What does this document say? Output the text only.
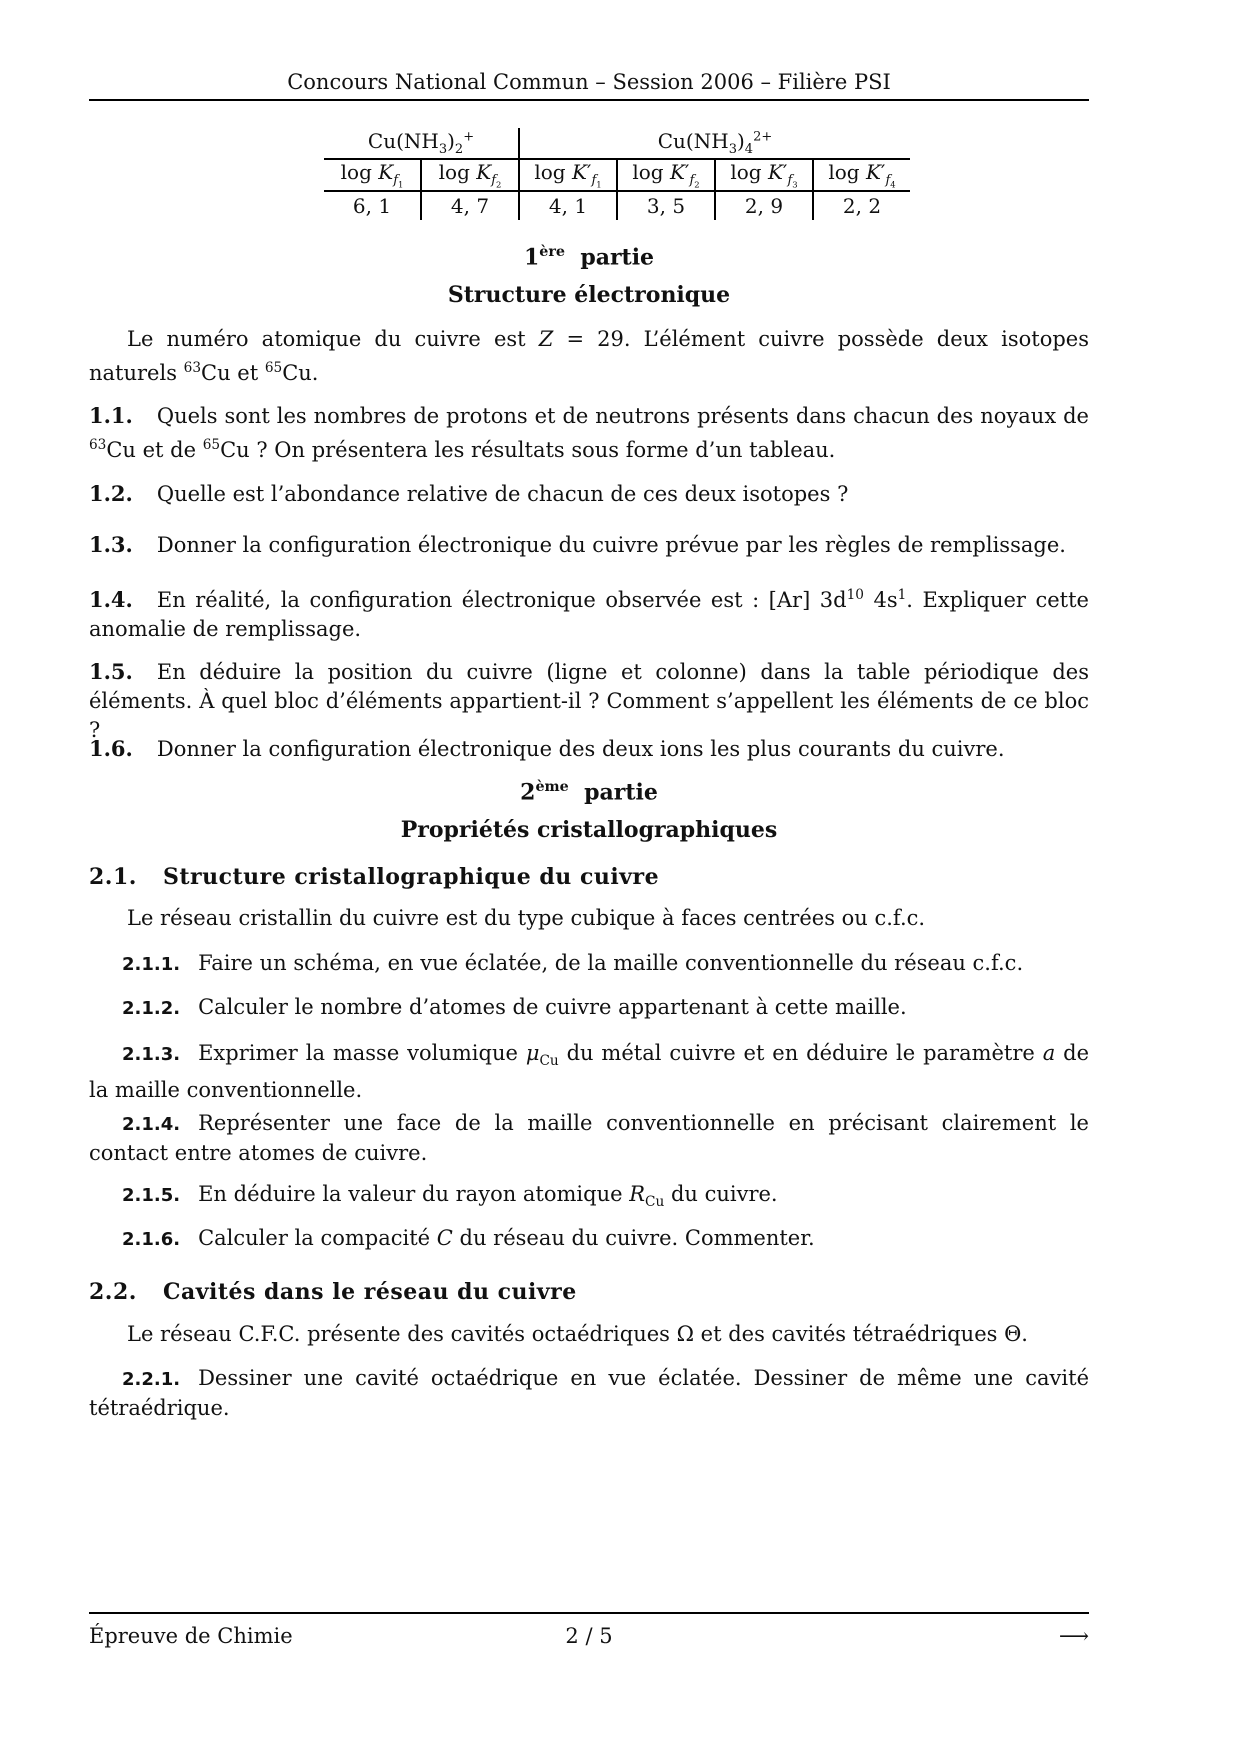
Concours National Commun – Session 2006 – Filière PSI
$Cu(NH_3)_2^+$		$Cu(NH_3)_4^{2+}$
$\log K_{f_1}$	$\log K_{f_2}$	$\log K'_{f_1}$	$\log K'_{f_2}$	$\log K'_{f_3}$	$\log K'_{f_4}$
6, 1	4, 7	4, 1	3, 5	2, 9	2, 2
1ère partie
Structure électronique
Le numéro atomique du cuivre est Z = 29. L’élément cuivre possède deux isotopes naturels $^{63}$Cu et $^{65}$Cu.
1.1. Quels sont les nombres de protons et de neutrons présents dans chacun des noyaux de $^{63}$Cu et de $^{65}$Cu ? On présentera les résultats sous forme d’un tableau.
1.2. Quelle est l’abondance relative de chacun de ces deux isotopes ?
1.3. Donner la configuration électronique du cuivre prévue par les règles de remplissage.
1.4. En réalité, la configuration électronique observée est : [Ar] $3d^{10}$ $4s^1$. Expliquer cette anomalie de remplissage.
1.5. En déduire la position du cuivre (ligne et colonne) dans la table périodique des éléments. À quel bloc d’éléments appartient-il ? Comment s’appellent les éléments de ce bloc ?
1.6. Donner la configuration électronique des deux ions les plus courants du cuivre.
2ème partie
Propriétés cristallographiques
2.1. Structure cristallographique du cuivre
Le réseau cristallin du cuivre est du type cubique à faces centrées ou c.f.c.
2.1.1. Faire un schéma, en vue éclatée, de la maille conventionnelle du réseau c.f.c.
2.1.2. Calculer le nombre d’atomes de cuivre appartenant à cette maille.
2.1.3. Exprimer la masse volumique $\mu_{Cu}$ du métal cuivre et en déduire le paramètre a de la maille conventionnelle.
2.1.4. Représenter une face de la maille conventionnelle en précisant clairement le contact entre atomes de cuivre.
2.1.5. En déduire la valeur du rayon atomique $R_{Cu}$ du cuivre.
2.1.6. Calculer la compacité C du réseau du cuivre. Commenter.
2.2. Cavités dans le réseau du cuivre
Le réseau C.F.C. présente des cavités octaédriques Ω et des cavités tétraédriques Θ.
2.2.1. Dessiner une cavité octaédrique en vue éclatée. Dessiner de même une cavité tétraédrique.
Épreuve de Chimie	2 / 5	⟶
